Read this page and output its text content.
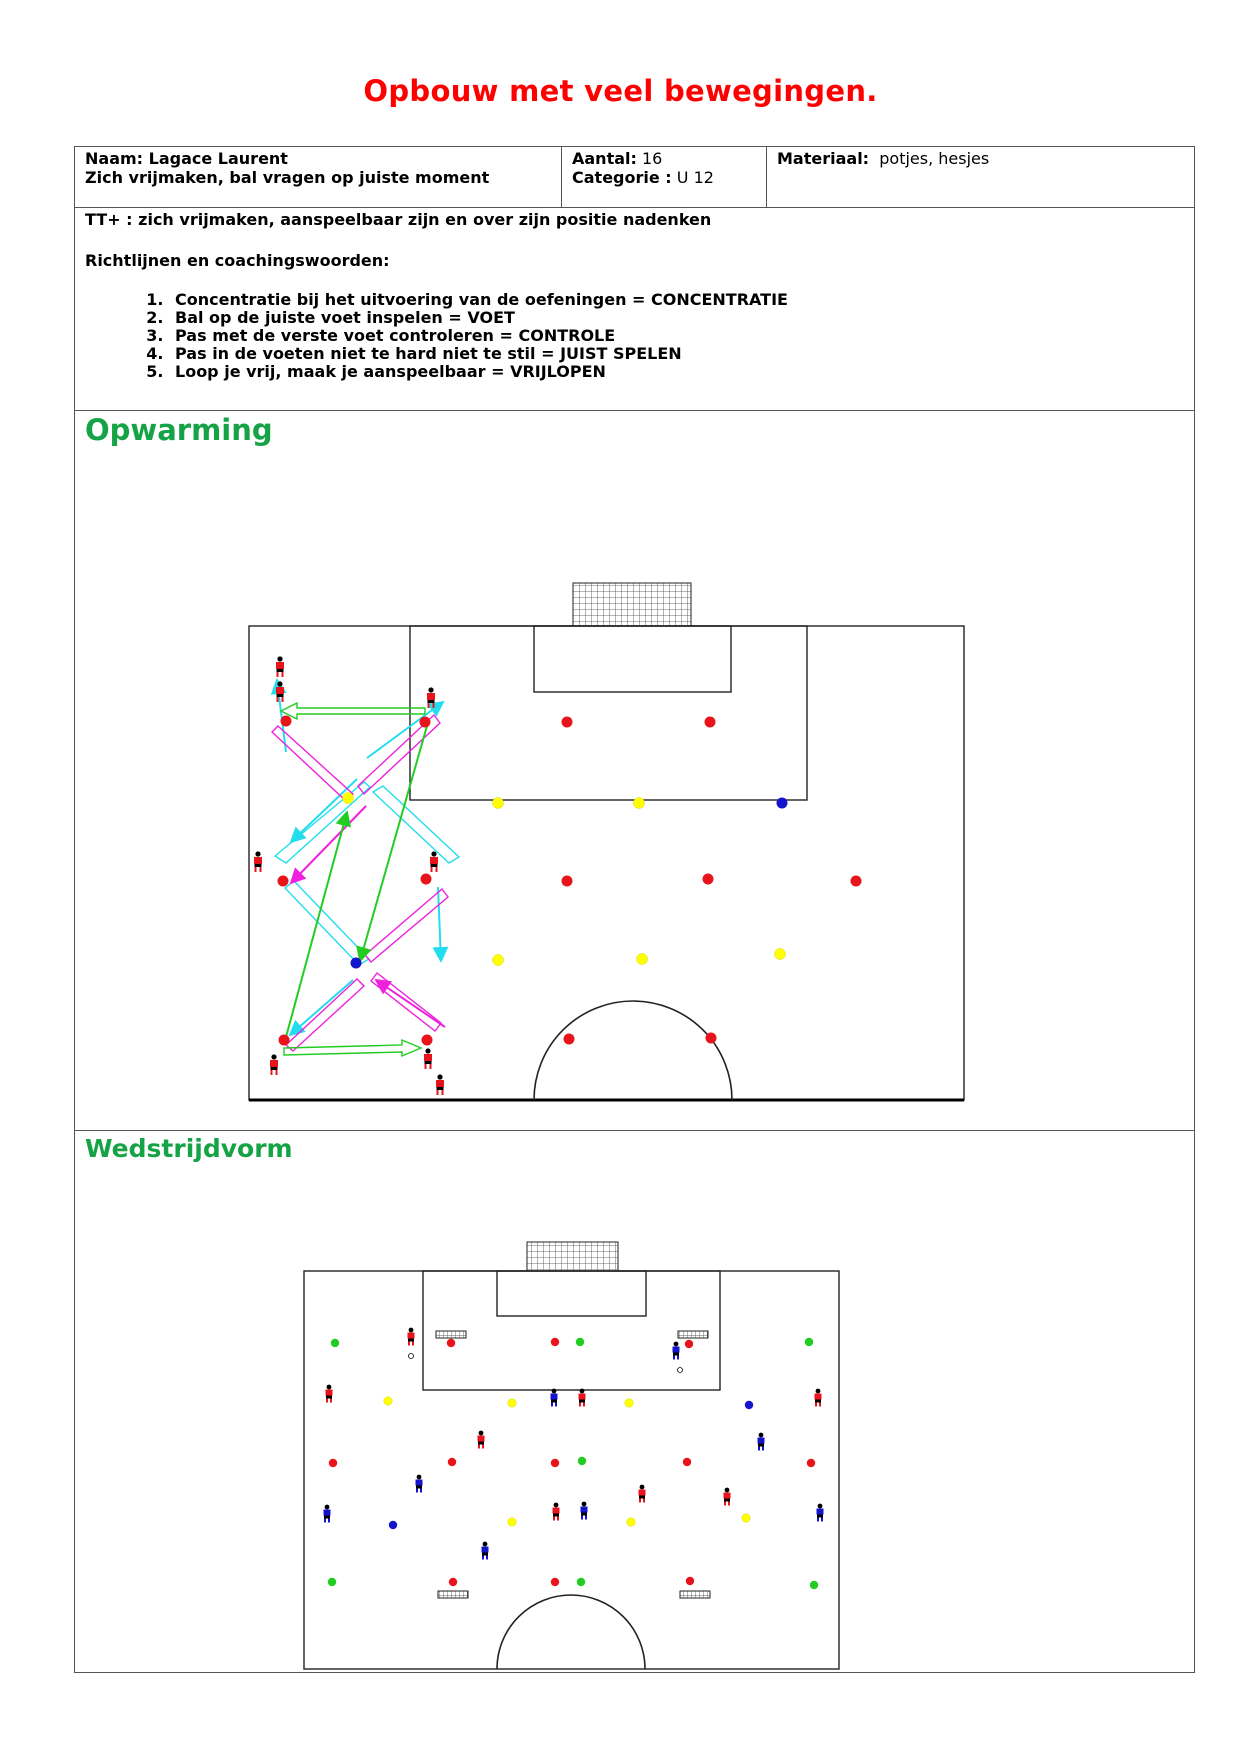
Opbouw met veel bewegingen.
Naam: Lagace Laurent
Zich vrijmaken, bal vragen op juiste moment
Aantal: 16
Categorie : U 12
Materiaal: potjes, hesjes

TT+ : zich vrijmaken, aanspeelbaar zijn en over zijn positie nadenken

Richtlijnen en coachingswoorden:

1. Concentratie bij het uitvoering van de oefeningen = CONCENTRATIE
2. Bal op de juiste voet inspelen = VOET
3. Pas met de verste voet controleren = CONTROLE
4. Pas in de voeten niet te hard niet te stil = JUIST SPELEN
5. Loop je vrij, maak je aanspeelbaar = VRIJLOPEN
Opwarming
Wedstrijdvorm
